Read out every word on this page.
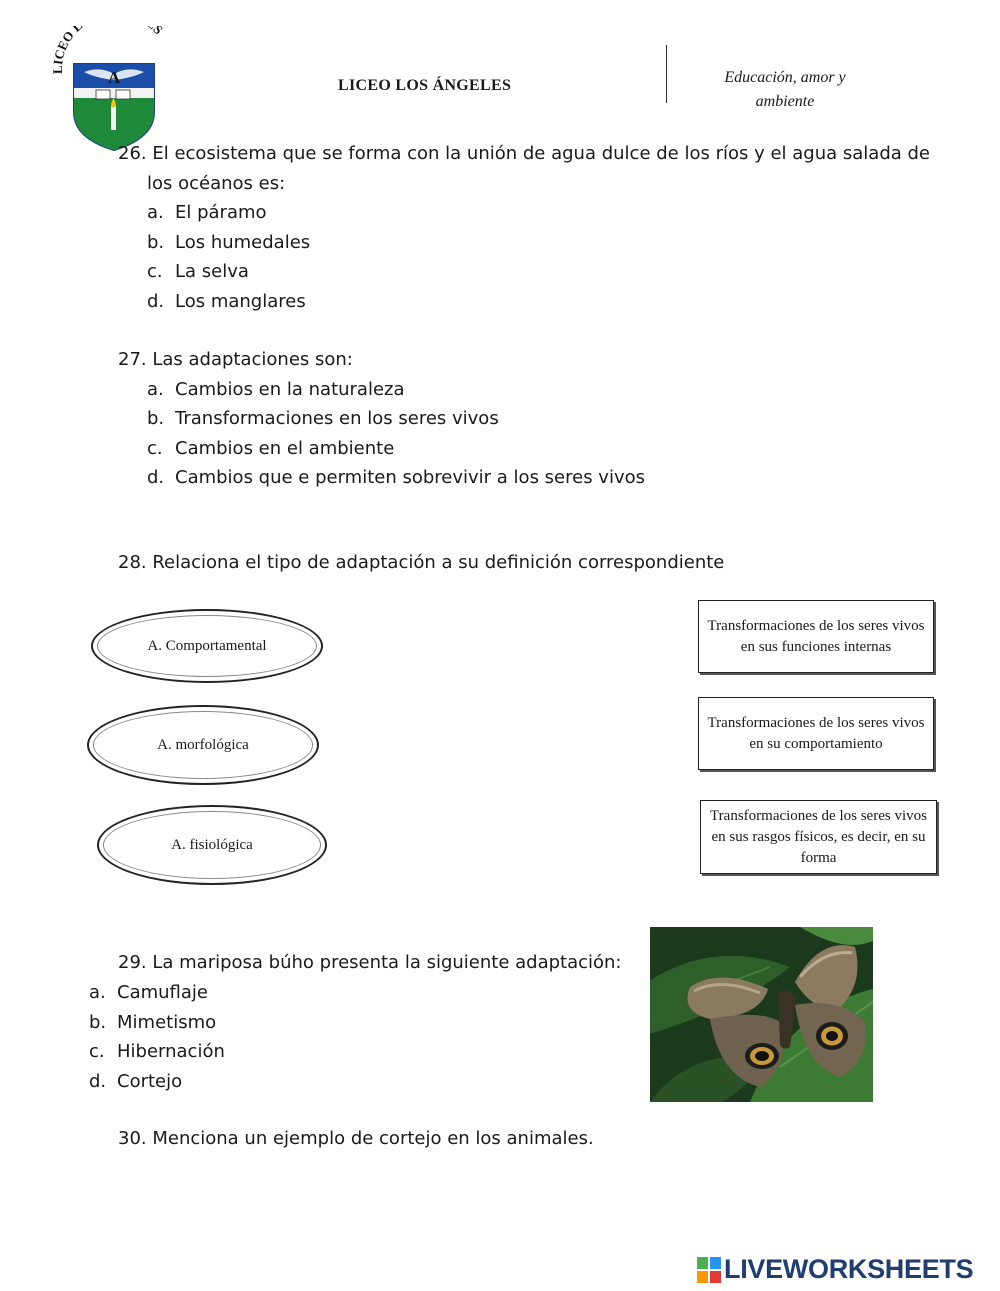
LICEO L S
A	LICEO LOS ÁNGELES	Educación, amor y
ambiente
26. El ecosistema que se forma con la unión de agua dulce de los ríos y el agua salada de
los océanos es:
a. El páramo
b. Los humedales
c. La selva
d. Los manglares
27. Las adaptaciones son:
a. Cambios en la naturaleza
b. Transformaciones en los seres vivos
c. Cambios en el ambiente
d. Cambios que e permiten sobrevivir a los seres vivos
28. Relaciona el tipo de adaptación a su definición correspondiente
A. Comportamental
A. morfológica
A. fisiológica
Transformaciones de los seres vivos en sus funciones internas
Transformaciones de los seres vivos en su comportamiento
Transformaciones de los seres vivos en sus rasgos físicos, es decir, en su forma
29. La mariposa búho presenta la siguiente adaptación:
a. Camuflaje
b. Mimetismo
c. Hibernación
d. Cortejo
30. Menciona un ejemplo de cortejo en los animales.
LIVEWORKSHEETS
